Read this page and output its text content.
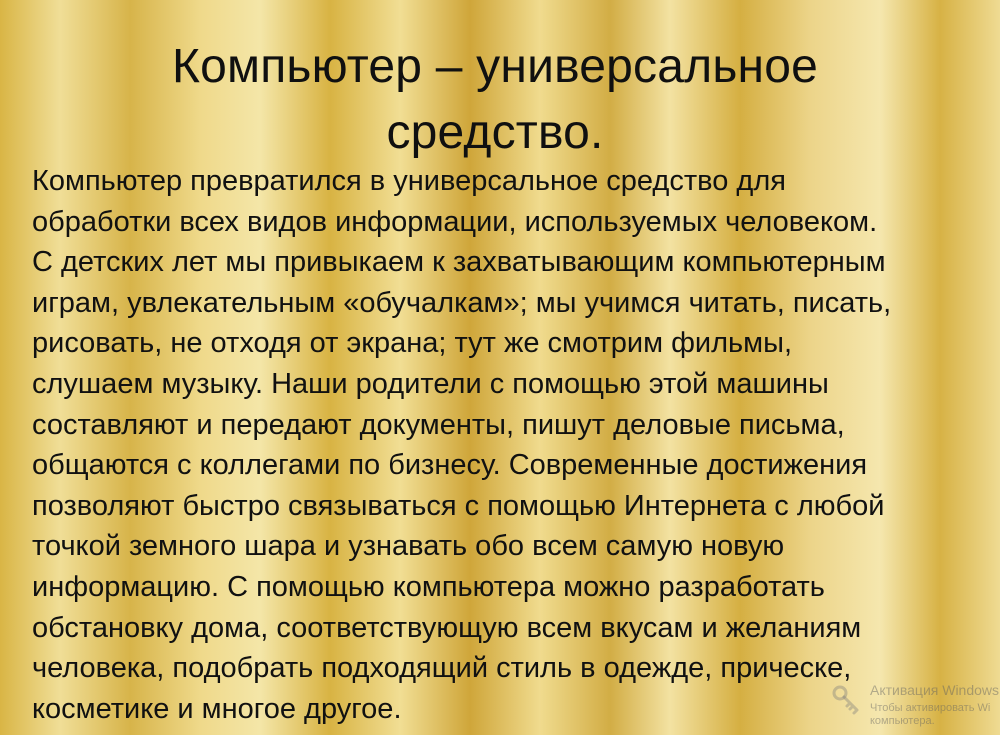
Компьютер – универсальное
средство.
Компьютер превратился в универсальное средство для
обработки всех видов информации, используемых человеком.
С детских лет мы привыкаем к захватывающим компьютерным
играм, увлекательным «обучалкам»; мы учимся читать, писать,
рисовать, не отходя от экрана; тут же смотрим фильмы,
слушаем музыку. Наши родители с помощью этой машины
составляют и передают документы, пишут деловые письма,
общаются с коллегами по бизнесу. Современные достижения
позволяют быстро связываться с помощью Интернета с любой
точкой земного шара и узнавать обо всем самую новую
информацию. С помощью компьютера можно разработать
обстановку дома, соответствующую всем вкусам и желаниям
человека, подобрать подходящий стиль в одежде, прическе,
косметике и многое другое.
Активация Windows
Чтобы активировать Wi
компьютера.
